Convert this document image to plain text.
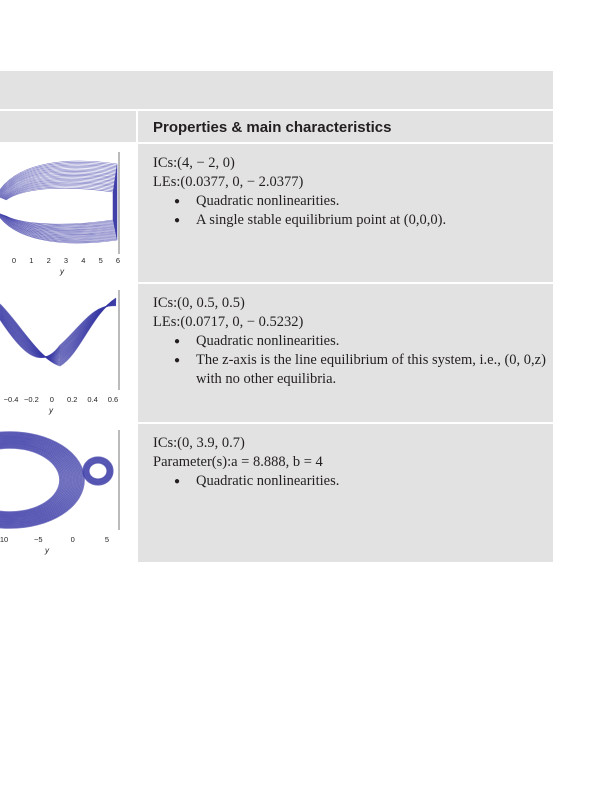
Properties & main characteristics
0 1 2 3 4 5 6
y
ICs:(4, − 2, 0)
LEs:(0.0377, 0, − 2.0377)
●	Quadratic nonlinearities.
●	A single stable equilibrium point at (0,0,0).
−0.4 −0.2 0 0.2 0.4 0.6
y
ICs:(0, 0.5, 0.5)
LEs:(0.0717, 0, − 0.5232)
●	Quadratic nonlinearities.
●	The z-axis is the line equilibrium of this system, i.e., (0, 0,z) with no other equilibria.
10	−5	0	5
y
ICs:(0, 3.9, 0.7)
Parameter(s):a = 8.888, b = 4
●	Quadratic nonlinearities.
